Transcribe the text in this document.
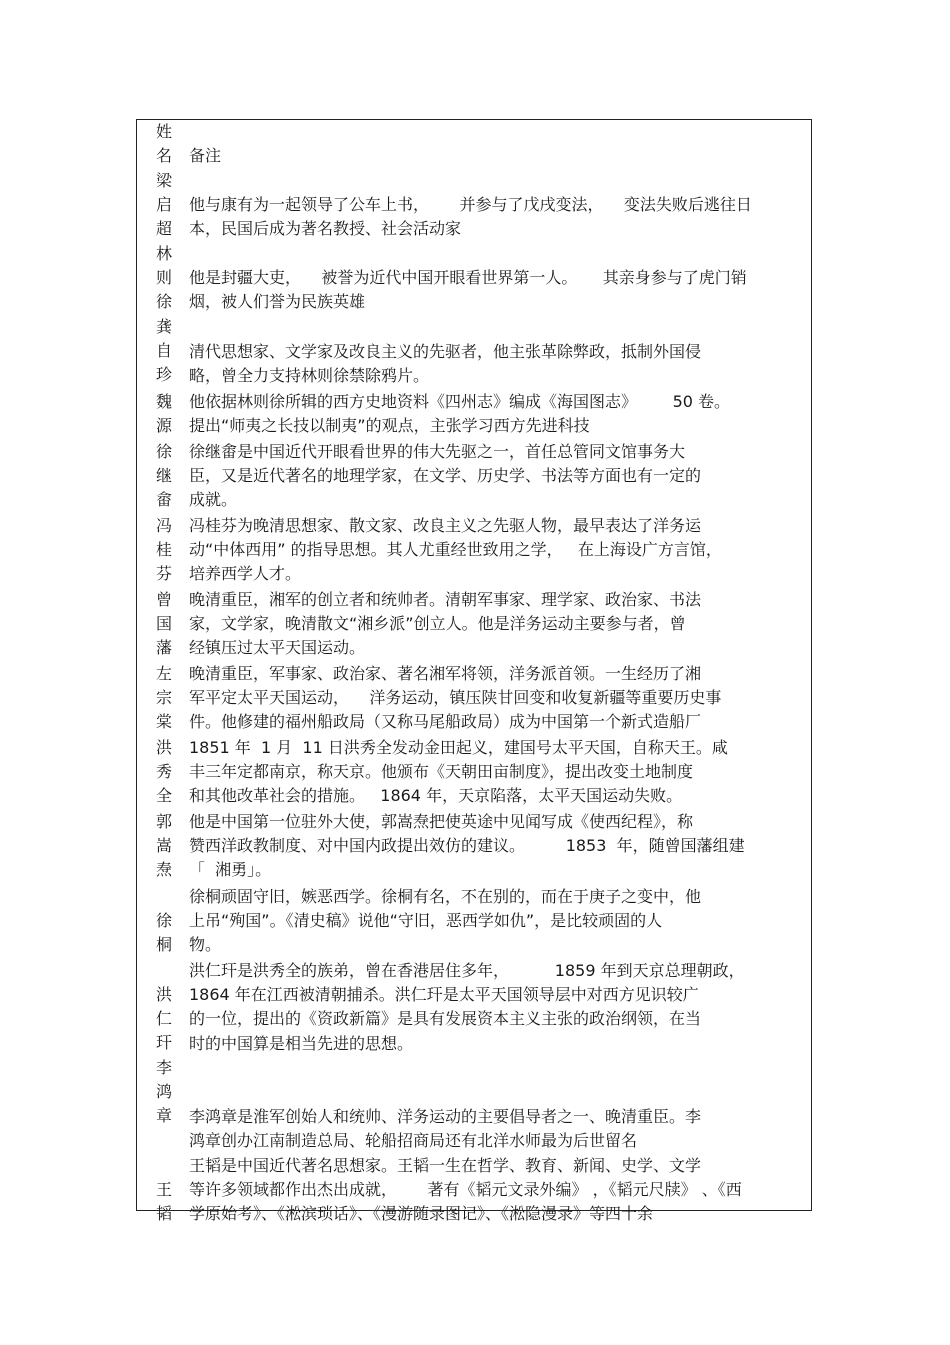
姓
名	备注
梁
启
超
他与康有为一起领导了公车上书，      并参与了戊戌变法，    变法失败后逃往日
本，民国后成为著名教授、社会活动家
林
则
徐
他是封疆大吏，    被誉为近代中国开眼看世界第一人。     其亲身参与了虎门销
烟，被人们誉为民族英雄
龚
自
珍
清代思想家、文学家及改良主义的先驱者，他主张革除弊政，抵制外国侵
略，曾全力支持林则徐禁除鸦片。
魏
源
他依据林则徐所辑的西方史地资料《四州志》编成《海国图志》       50 卷。
提出“师夷之长技以制夷”的观点，主张学习西方先进科技
徐
继
畲
徐继畬是中国近代开眼看世界的伟大先驱之一，首任总管同文馆事务大
臣，又是近代著名的地理学家，在文学、历史学、书法等方面也有一定的
成就。
冯
桂
芬
冯桂芬为晚清思想家、散文家、改良主义之先驱人物，最早表达了洋务运
动“中体西用” 的指导思想。其人尤重经世致用之学，   在上海设广方言馆，
培养西学人才。
曾
国
藩
晚清重臣，湘军的创立者和统帅者。清朝军事家、理学家、政治家、书法
家，文学家，晚清散文“湘乡派”创立人。他是洋务运动主要参与者，曾
经镇压过太平天国运动。
左
宗
棠
晚清重臣，军事家、政治家、著名湘军将领，洋务派首领。一生经历了湘
军平定太平天国运动，    洋务运动，镇压陕甘回变和收复新疆等重要历史事
件。他修建的福州船政局（又称马尾船政局）成为中国第一个新式造船厂
洪
秀
全
1851 年  1 月  11 日洪秀全发动金田起义，建国号太平天国，自称天王。咸
丰三年定都南京，称天京。他颁布《天朝田亩制度》，提出改变土地制度
和其他改革社会的措施。   1864 年，天京陷落，太平天国运动失败。
郭
嵩
焘
他是中国第一位驻外大使，郭嵩焘把使英途中见闻写成《使西纪程》，称
赞西洋政教制度、对中国内政提出效仿的建议。        1853  年，随曾国藩组建
「  湘勇」。
徐
桐
徐桐顽固守旧，嫉恶西学。徐桐有名，不在别的，而在于庚子之变中，他
上吊“殉国”。《清史稿》说他“守旧，恶西学如仇”，是比较顽固的人
物。
洪
仁
玕
洪仁玕是洪秀全的族弟，曾在香港居住多年，         1859 年到天京总理朝政，
1864 年在江西被清朝捕杀。洪仁玕是太平天国领导层中对西方见识较广
的一位，提出的《资政新篇》是具有发展资本主义主张的政治纲领，在当
时的中国算是相当先进的思想。
李
鸿
章	李鸿章是淮军创始人和统帅、洋务运动的主要倡导者之一、晚清重臣。李
鸿章创办江南制造总局、轮船招商局还有北洋水师最为后世留名
王
韬
王韬是中国近代著名思想家。王韬一生在哲学、教育、新闻、史学、文学
等许多领域都作出杰出成就，      著有《韬元文录外编》 ，《韬元尺牍》 、《西
学原始考》、《淞滨琐话》、《漫游随录图记》、《淞隐漫录》等四十余
